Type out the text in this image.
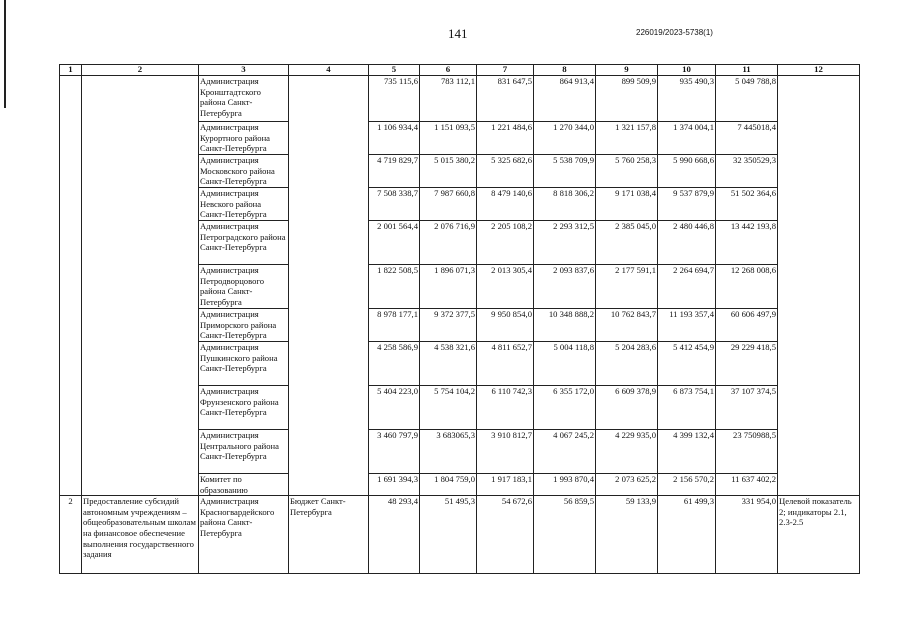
141	226019/2023-5738(1)
1	2	3	4	5	6	7	8	9	10	11	12
		Администрация Кронштадтского района Санкт-Петербурга		735 115,6	783 112,1	831 647,5	864 913,4	899 509,9	935 490,3	5 049 788,8	
		Администрация Курортного района Санкт-Петербурга		1 106 934,4	1 151 093,5	1 221 484,6	1 270 344,0	1 321 157,8	1 374 004,1	7 445018,4	
		Администрация Московского района Санкт-Петербурга		4 719 829,7	5 015 380,2	5 325 682,6	5 538 709,9	5 760 258,3	5 990 668,6	32 350529,3	
		Администрация Невского района Санкт-Петербурга		7 508 338,7	7 987 660,8	8 479 140,6	8 818 306,2	9 171 038,4	9 537 879,9	51 502 364,6	
		Администрация Петроградского района Санкт-Петербурга		2 001 564,4	2 076 716,9	2 205 108,2	2 293 312,5	2 385 045,0	2 480 446,8	13 442 193,8	
		Администрация Петродворцового района Санкт-Петербурга		1 822 508,5	1 896 071,3	2 013 305,4	2 093 837,6	2 177 591,1	2 264 694,7	12 268 008,6	
		Администрация Приморского района Санкт-Петербурга		8 978 177,1	9 372 377,5	9 950 854,0	10 348 888,2	10 762 843,7	11 193 357,4	60 606 497,9	
		Администрация Пушкинского района Санкт-Петербурга		4 258 586,9	4 538 321,6	4 811 652,7	5 004 118,8	5 204 283,6	5 412 454,9	29 229 418,5	
		Администрация Фрунзенского района Санкт-Петербурга		5 404 223,0	5 754 104,2	6 110 742,3	6 355 172,0	6 609 378,9	6 873 754,1	37 107 374,5	
		Администрация Центрального района Санкт-Петербурга		3 460 797,9	3 683065,3	3 910 812,7	4 067 245,2	4 229 935,0	4 399 132,4	23 750988,5	
		Комитет по образованию		1 691 394,3	1 804 759,0	1 917 183,1	1 993 870,4	2 073 625,2	2 156 570,2	11 637 402,2	
2	Предоставление субсидий автономным учреждениям – общеобразовательным школам на финансовое обеспечение выполнения государственного задания	Администрация Красногвардейского района Санкт-Петербурга	Бюджет Санкт-Петербурга	48 293,4	51 495,3	54 672,6	56 859,5	59 133,9	61 499,3	331 954,0	Целевой показатель 2; индикаторы 2.1, 2.3-2.5
